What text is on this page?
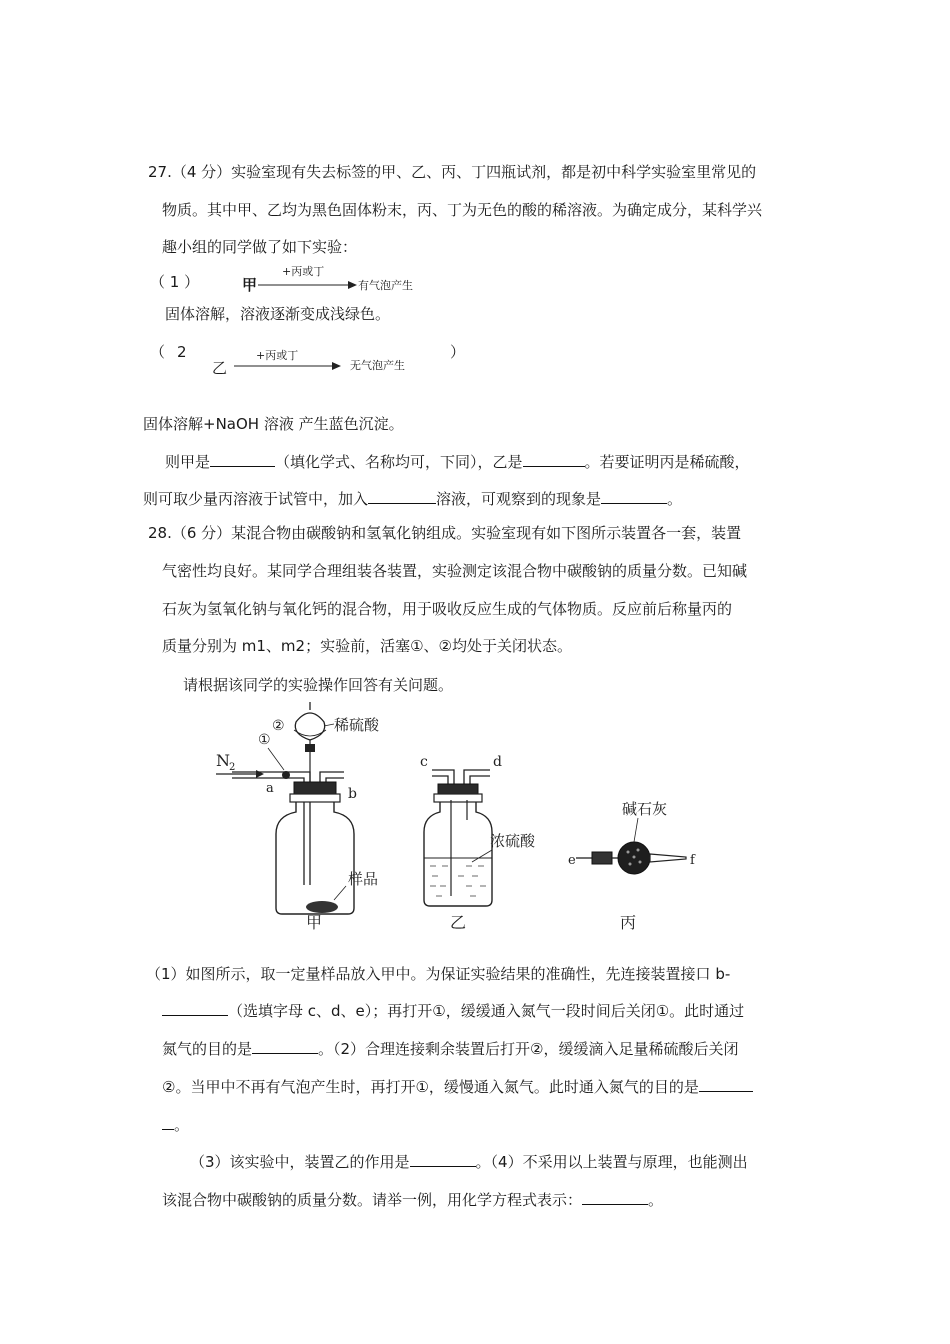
27.（4 分）实验室现有失去标签的甲、乙、丙、丁四瓶试剂，都是初中科学实验室里常见的
物质。其中甲、乙均为黑色固体粉末，丙、丁为无色的酸的稀溶液。为确定成分，某科学兴
趣小组的同学做了如下实验：
（ 1 ）	甲
+丙或丁
有气泡产生
固体溶解，溶液逐渐变成浅绿色。
（ 2
乙
+丙或丁
无气泡产生
）
固体溶解+NaOH 溶液 产生蓝色沉淀。
则甲是	（填化学式、名称均可，下同），乙是	。若要证明丙是稀硫酸，
则可取少量丙溶液于试管中，加入	溶液，可观察到的现象是	。
28.（6 分）某混合物由碳酸钠和氢氧化钠组成。实验室现有如下图所示装置各一套，装置
气密性均良好。某同学合理组装各装置，实验测定该混合物中碳酸钠的质量分数。已知碱
石灰为氢氧化钠与氧化钙的混合物，用于吸收反应生成的气体物质。反应前后称量丙的
质量分别为 m1、m2；实验前，活塞①、②均处于关闭状态。
请根据该同学的实验操作回答有关问题。
N 2
①
a	b
②	稀硫酸
样品
甲
c	d
浓硫酸
乙
e	f
碱石灰
丙
（1）如图所示，取一定量样品放入甲中。为保证实验结果的准确性，先连接装置接口 b-
（选填字母 c、d、e）；再打开①，缓缓通入氮气一段时间后关闭①。此时通过
氮气的目的是	。（2）合理连接剩余装置后打开②，缓缓滴入足量稀硫酸后关闭
②。当甲中不再有气泡产生时，再打开①，缓慢通入氮气。此时通入氮气的目的是
。
（3）该实验中，装置乙的作用是	。（4）不采用以上装置与原理，也能测出
该混合物中碳酸钠的质量分数。请举一例，用化学方程式表示：	。
